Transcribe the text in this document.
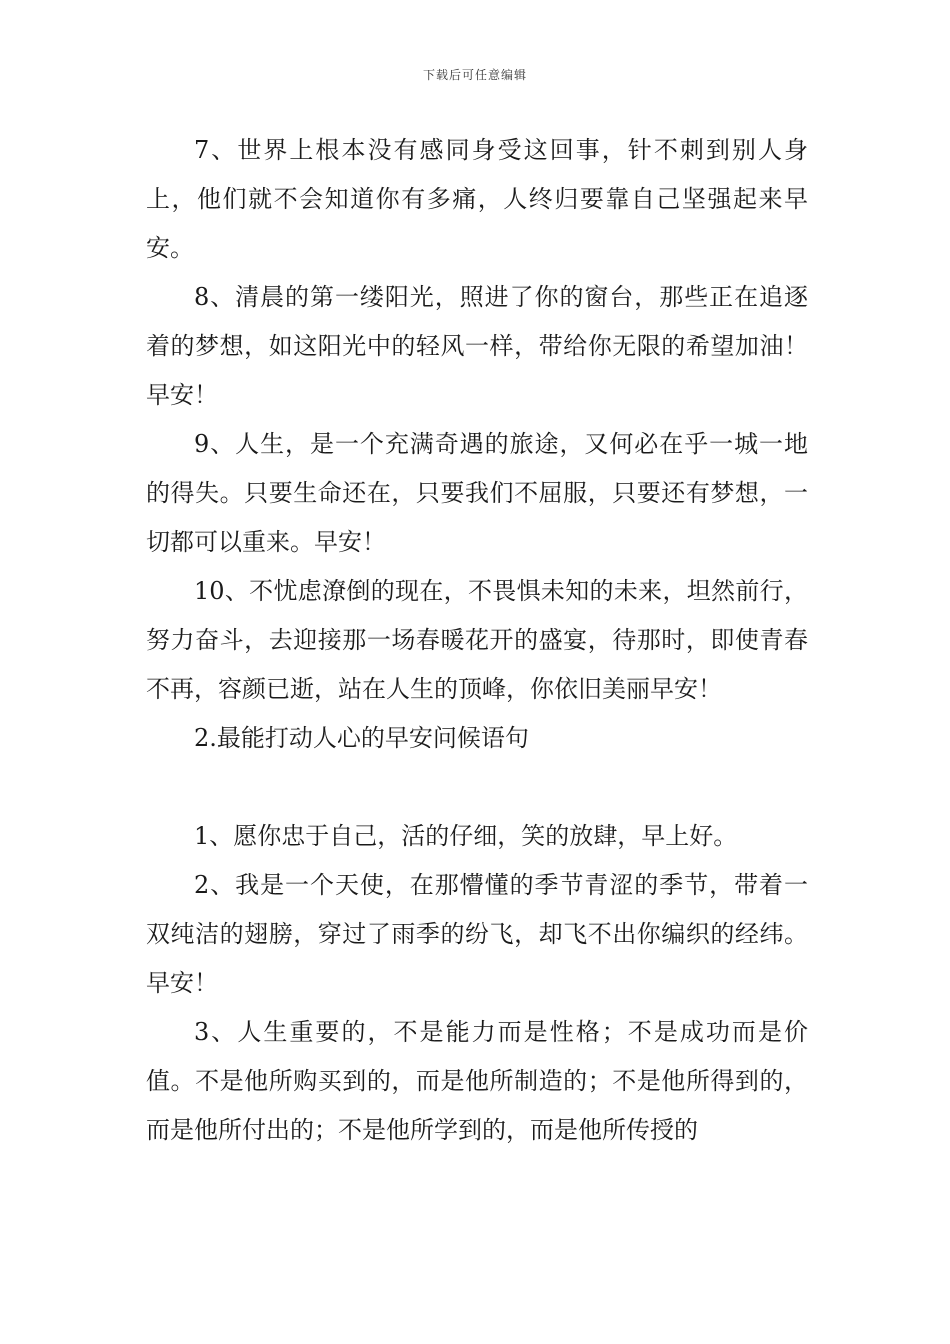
下载后可任意编辑

7、世界上根本没有感同身受这回事，针不刺到别人身上，他们就不会知道你有多痛，人终归要靠自己坚强起来早安。

8、清晨的第一缕阳光，照进了你的窗台，那些正在追逐着的梦想，如这阳光中的轻风一样，带给你无限的希望加油！早安！

9、人生，是一个充满奇遇的旅途，又何必在乎一城一地的得失。只要生命还在，只要我们不屈服，只要还有梦想，一切都可以重来。早安！

10、不忧虑潦倒的现在，不畏惧未知的未来，坦然前行，努力奋斗，去迎接那一场春暖花开的盛宴，待那时，即使青春不再，容颜已逝，站在人生的顶峰，你依旧美丽早安！

2.最能打动人心的早安问候语句

1、愿你忠于自己，活的仔细，笑的放肆，早上好。

2、我是一个天使，在那懵懂的季节青涩的季节，带着一双纯洁的翅膀，穿过了雨季的纷飞，却飞不出你编织的经纬。早安！

3、人生重要的，不是能力而是性格；不是成功而是价值。不是他所购买到的，而是他所制造的；不是他所得到的，而是他所付出的；不是他所学到的，而是他所传授的
